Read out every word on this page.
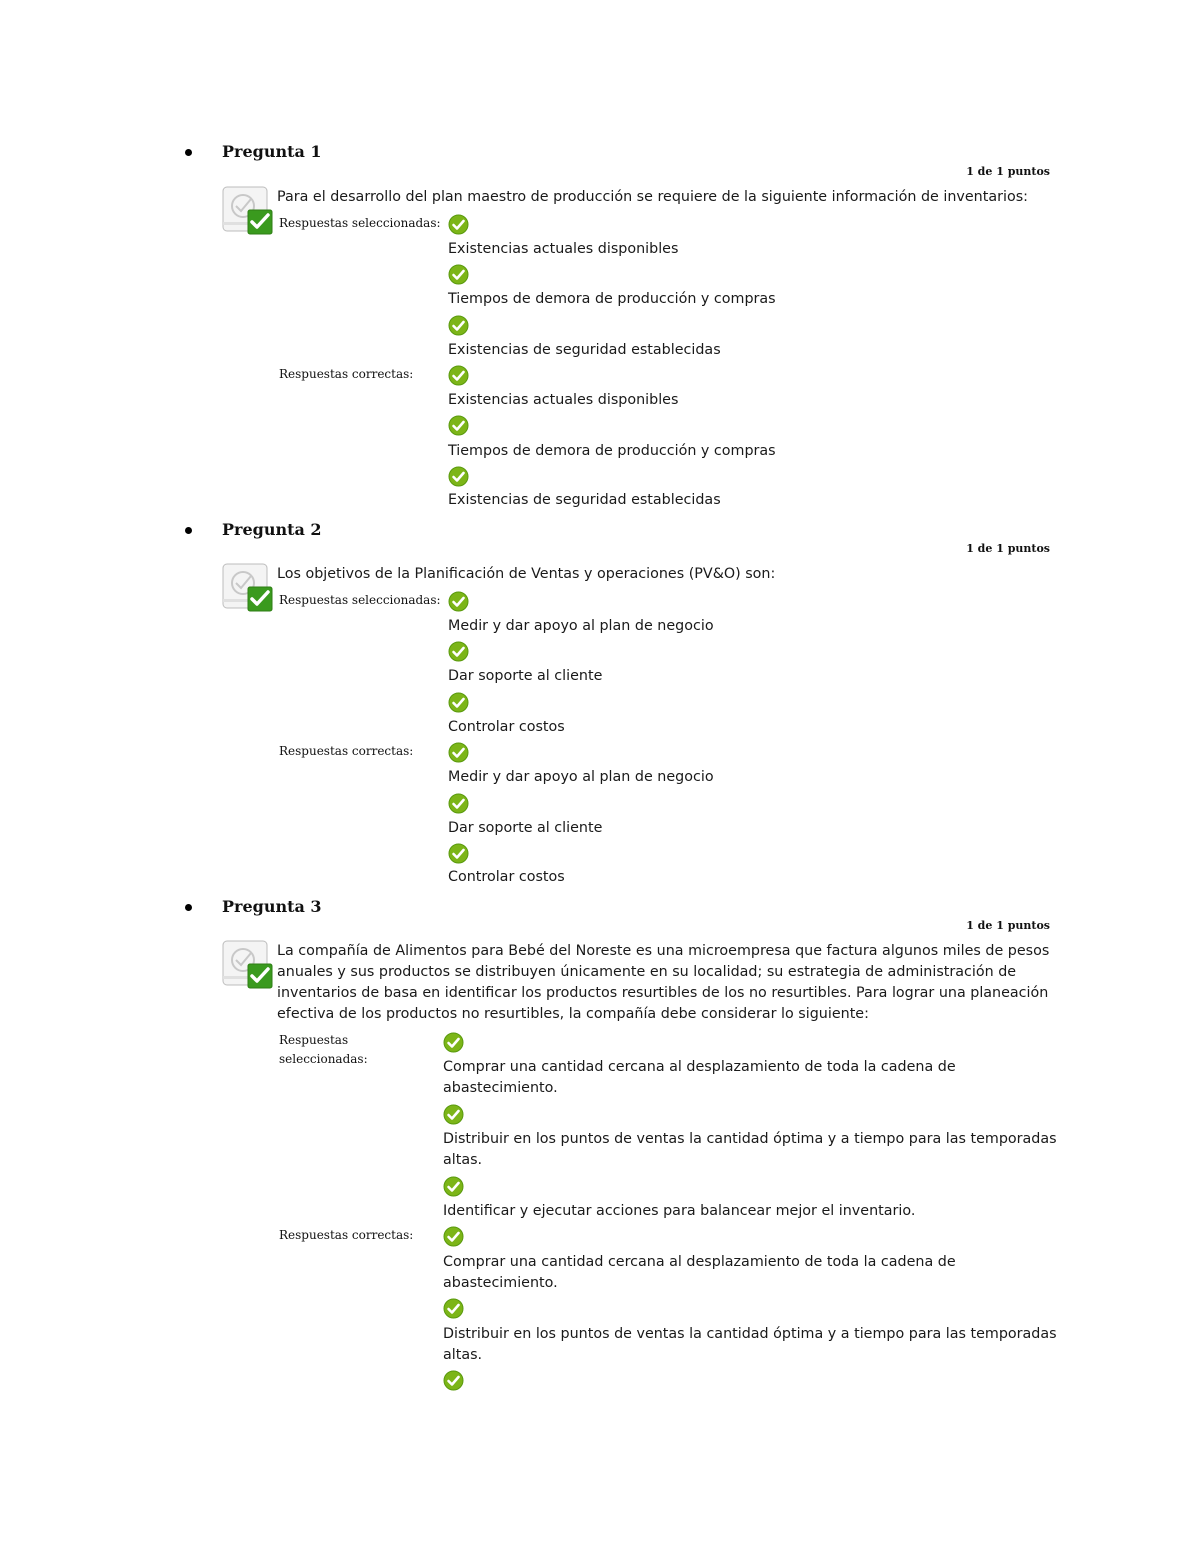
Pregunta 1
1 de 1 puntos
Para el desarrollo del plan maestro de producción se requiere de la siguiente información de inventarios:
Respuestas seleccionadas:
Respuestas correctas:
Existencias actuales disponibles
Tiempos de demora de producción y compras
Existencias de seguridad establecidas
Existencias actuales disponibles
Tiempos de demora de producción y compras
Existencias de seguridad establecidas
Pregunta 2
1 de 1 puntos
Los objetivos de la Planificación de Ventas y operaciones (PV&O) son:
Respuestas seleccionadas:
Respuestas correctas:
Medir y dar apoyo al plan de negocio
Dar soporte al cliente
Controlar costos
Medir y dar apoyo al plan de negocio
Dar soporte al cliente
Controlar costos
Pregunta 3
1 de 1 puntos
La compañía de Alimentos para Bebé del Noreste es una microempresa que factura algunos miles de pesos
anuales y sus productos se distribuyen únicamente en su localidad; su estrategia de administración de
inventarios de basa en identificar los productos resurtibles de los no resurtibles. Para lograr una planeación
efectiva de los productos no resurtibles, la compañía debe considerar lo siguiente:
Respuestas
seleccionadas:
Respuestas correctas:
Comprar una cantidad cercana al desplazamiento de toda la cadena de
abastecimiento.
Distribuir en los puntos de ventas la cantidad óptima y a tiempo para las temporadas
altas.
Identificar y ejecutar acciones para balancear mejor el inventario.
Comprar una cantidad cercana al desplazamiento de toda la cadena de
abastecimiento.
Distribuir en los puntos de ventas la cantidad óptima y a tiempo para las temporadas
altas.
